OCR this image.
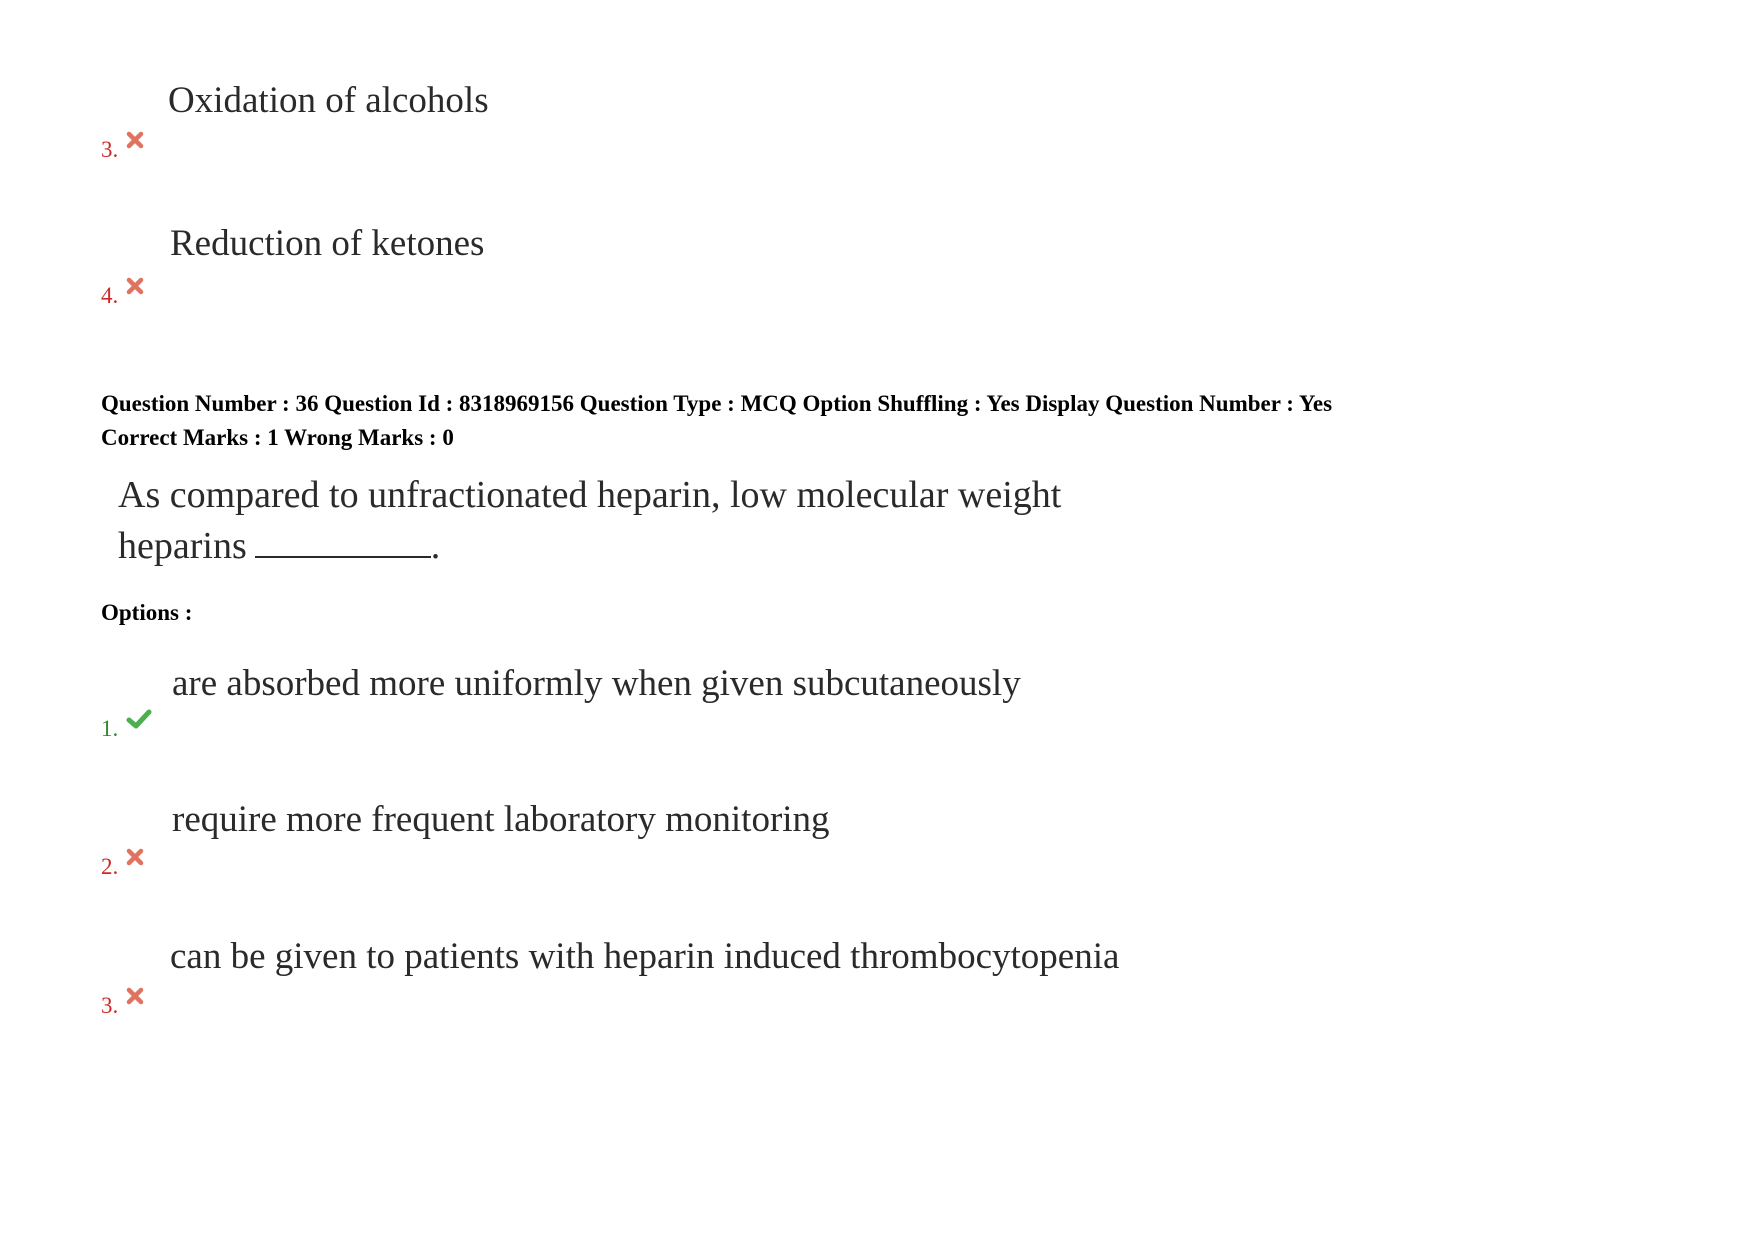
Oxidation of alcohols
3.
Reduction of ketones
4.
Question Number : 36 Question Id : 8318969156 Question Type : MCQ Option Shuffling : Yes Display Question Number : Yes
Correct Marks : 1 Wrong Marks : 0
As compared to unfractionated heparin, low molecular weight
heparins	.
Options :
are absorbed more uniformly when given subcutaneously
1.
require more frequent laboratory monitoring
2.
can be given to patients with heparin induced thrombocytopenia
3.
